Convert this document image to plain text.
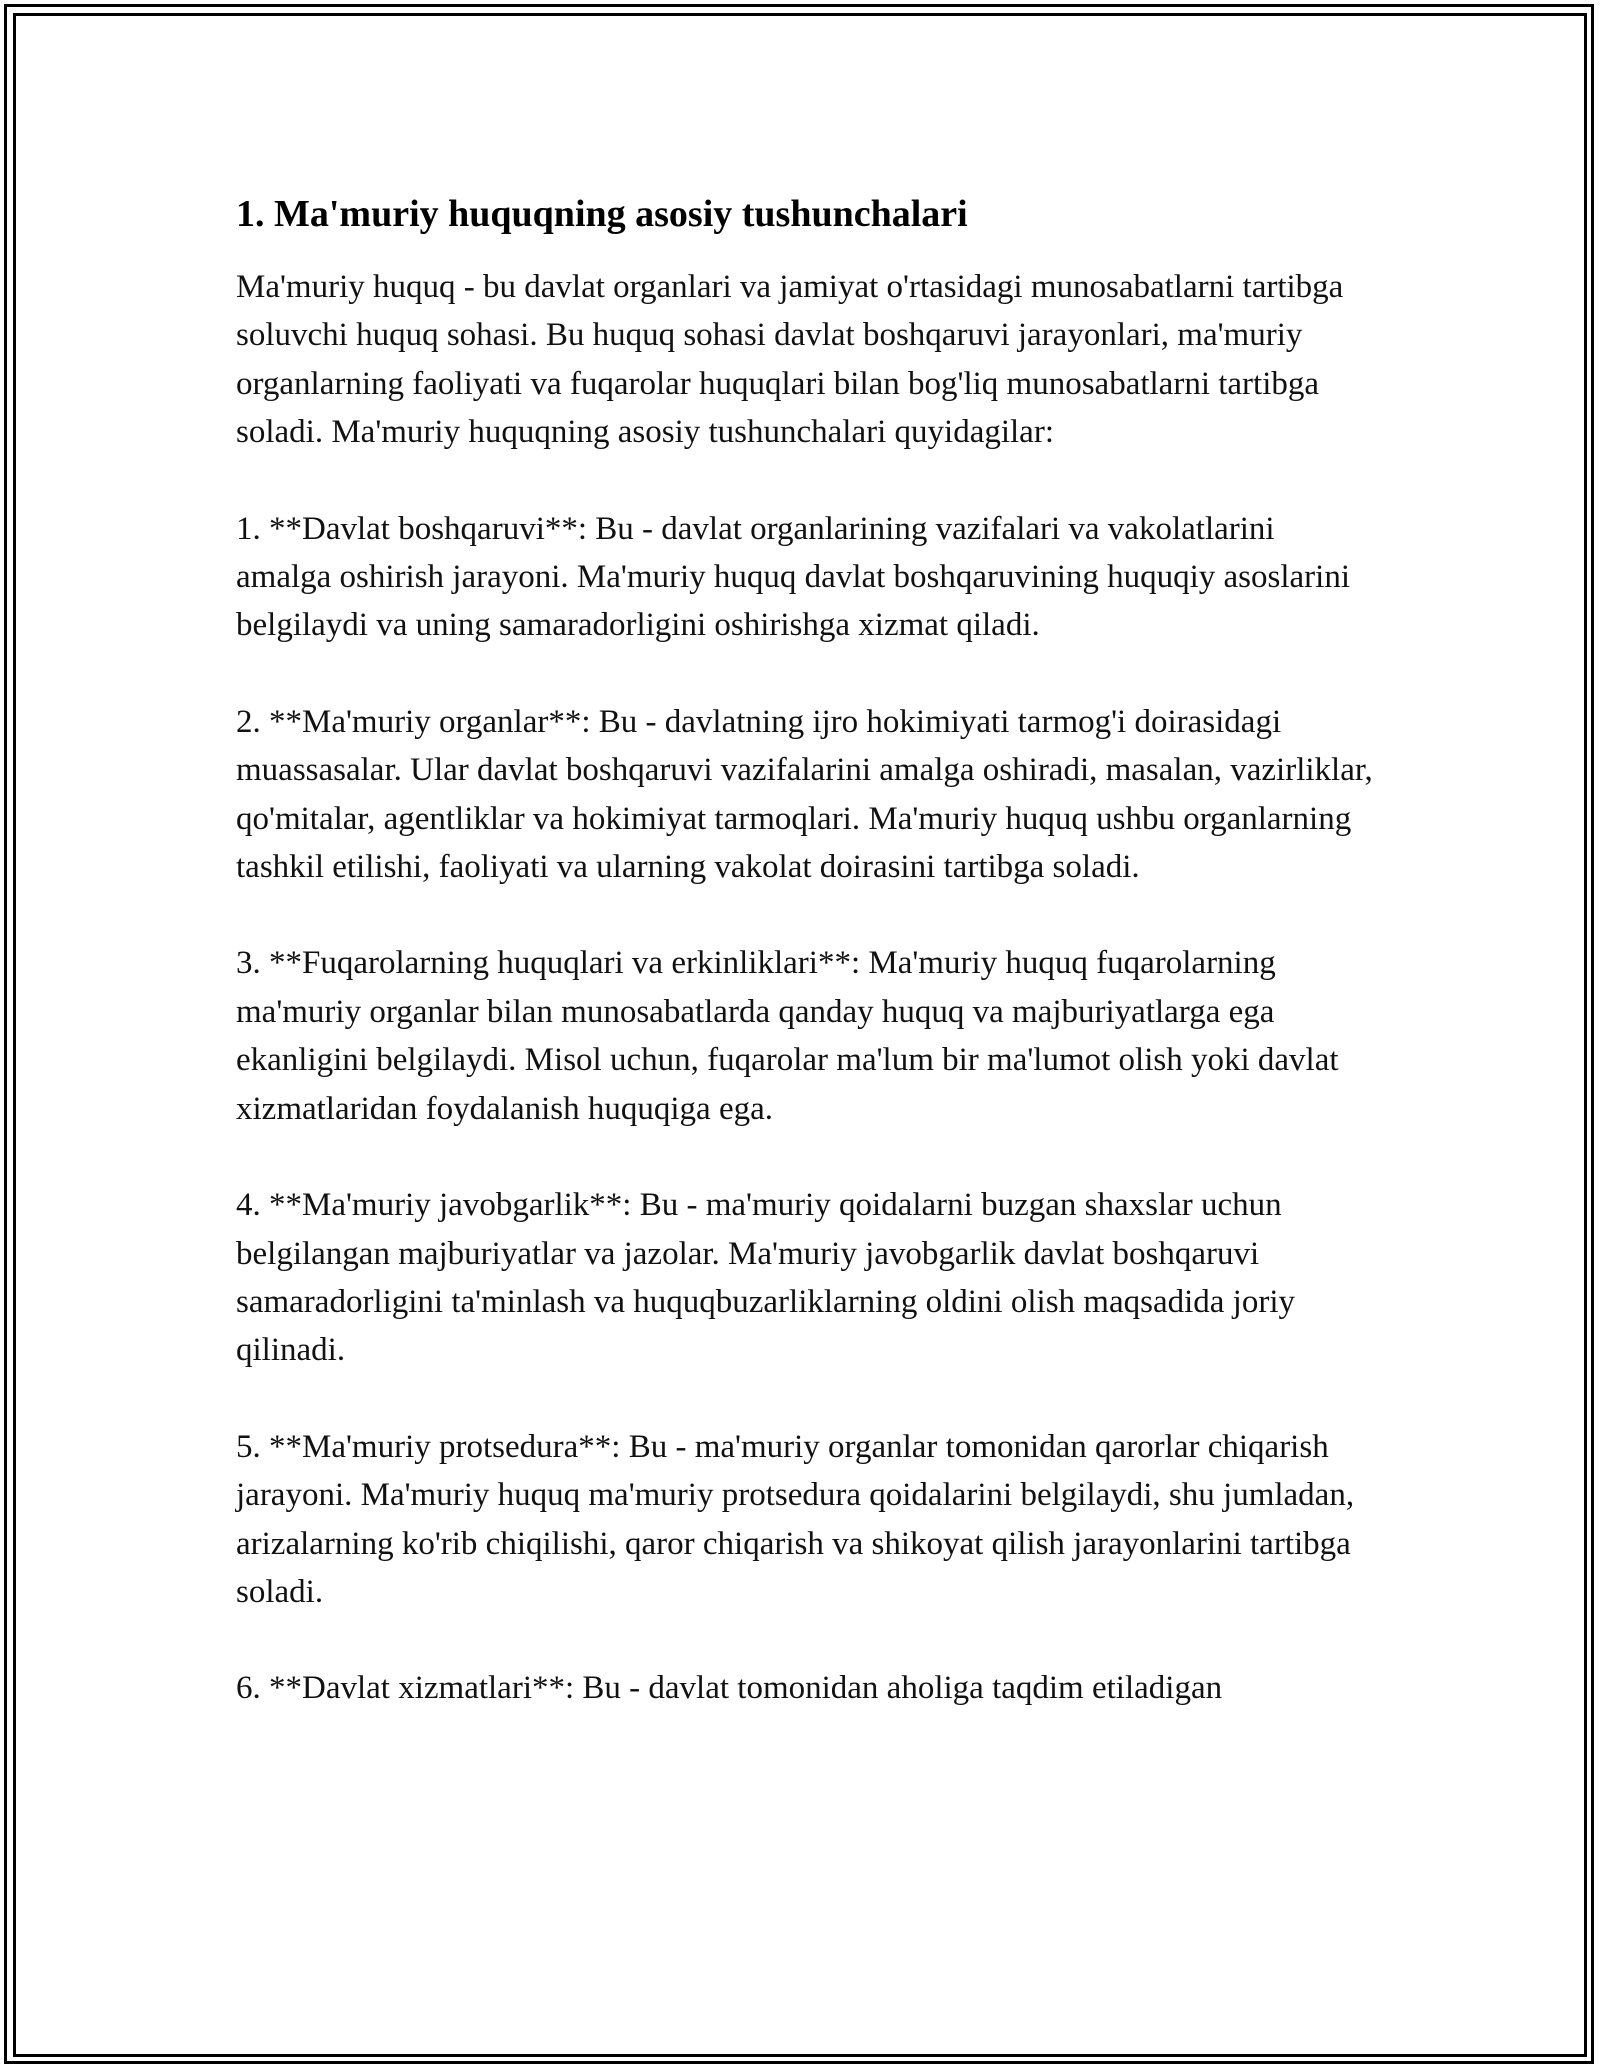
1. Ma'muriy huquqning asosiy tushunchalari

Ma'muriy huquq - bu davlat organlari va jamiyat o'rtasidagi munosabatlarni tartibga soluvchi huquq sohasi. Bu huquq sohasi davlat boshqaruvi jarayonlari, ma'muriy organlarning faoliyati va fuqarolar huquqlari bilan bog'liq munosabatlarni tartibga soladi. Ma'muriy huquqning asosiy tushunchalari quyidagilar:

1. **Davlat boshqaruvi**: Bu - davlat organlarining vazifalari va vakolatlarini amalga oshirish jarayoni. Ma'muriy huquq davlat boshqaruvining huquqiy asoslarini belgilaydi va uning samaradorligini oshirishga xizmat qiladi.

2. **Ma'muriy organlar**: Bu - davlatning ijro hokimiyati tarmog'i doirasidagi muassasalar. Ular davlat boshqaruvi vazifalarini amalga oshiradi, masalan, vazirliklar, qo'mitalar, agentliklar va hokimiyat tarmoqlari. Ma'muriy huquq ushbu organlarning tashkil etilishi, faoliyati va ularning vakolat doirasini tartibga soladi.

3. **Fuqarolarning huquqlari va erkinliklari**: Ma'muriy huquq fuqarolarning ma'muriy organlar bilan munosabatlarda qanday huquq va majburiyatlarga ega ekanligini belgilaydi. Misol uchun, fuqarolar ma'lum bir ma'lumot olish yoki davlat xizmatlaridan foydalanish huquqiga ega.

4. **Ma'muriy javobgarlik**: Bu - ma'muriy qoidalarni buzgan shaxslar uchun belgilangan majburiyatlar va jazolar. Ma'muriy javobgarlik davlat boshqaruvi samaradorligini ta'minlash va huquqbuzarliklarning oldini olish maqsadida joriy qilinadi.

5. **Ma'muriy protsedura**: Bu - ma'muriy organlar tomonidan qarorlar chiqarish jarayoni. Ma'muriy huquq ma'muriy protsedura qoidalarini belgilaydi, shu jumladan, arizalarning ko'rib chiqilishi, qaror chiqarish va shikoyat qilish jarayonlarini tartibga soladi.

6. **Davlat xizmatlari**: Bu - davlat tomonidan aholiga taqdim etiladigan
